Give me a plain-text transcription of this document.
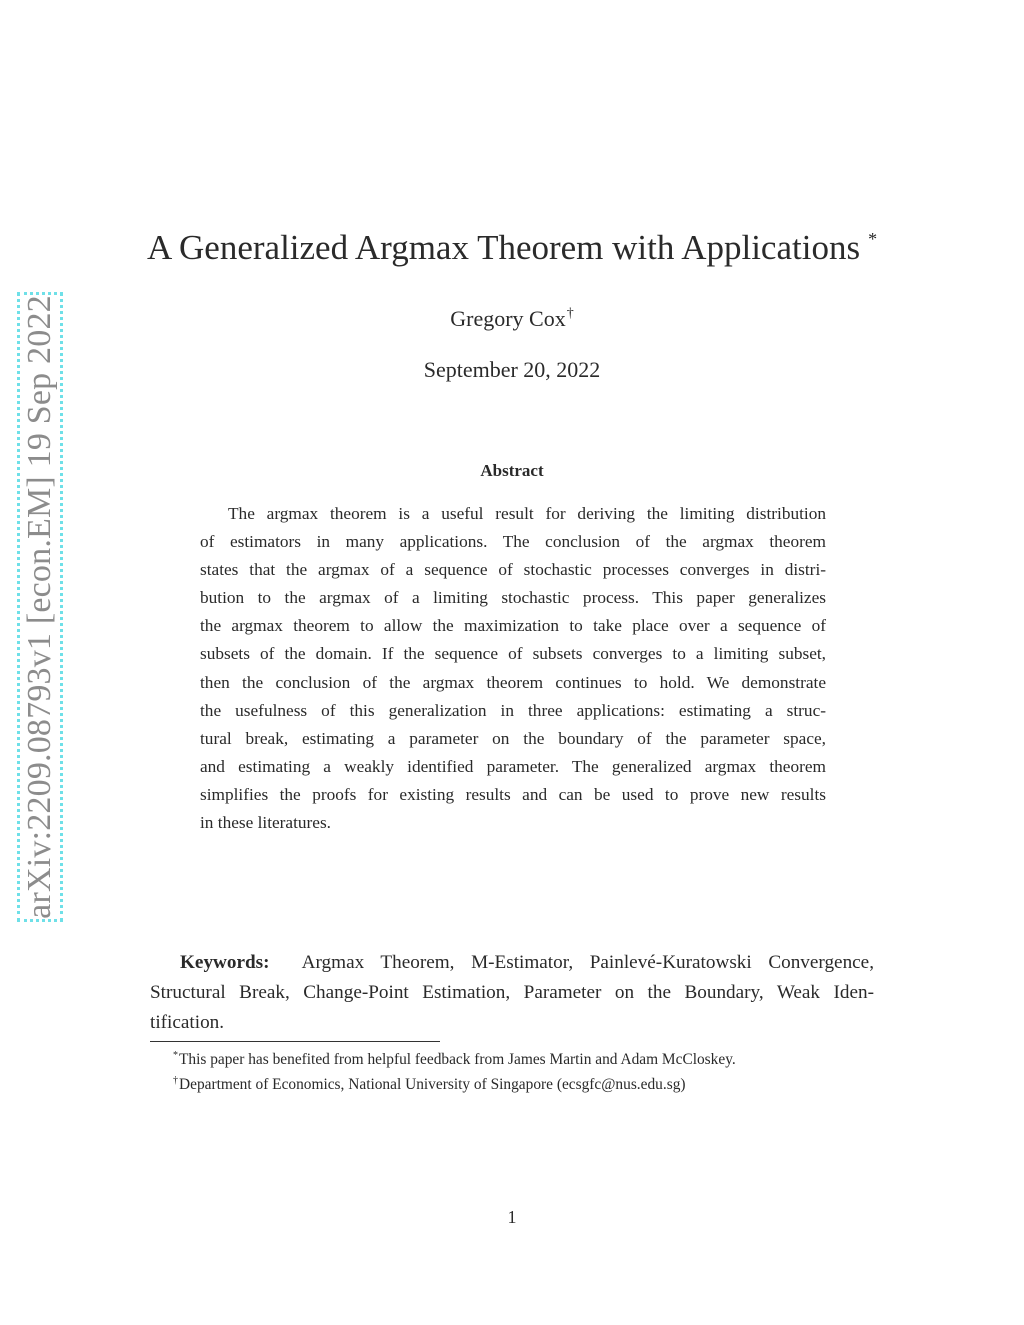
arXiv:2209.08793v1 [econ.EM] 19 Sep 2022
A Generalized Argmax Theorem with Applications *
Gregory Cox†
September 20, 2022
Abstract
The argmax theorem is a useful result for deriving the limiting distribution
of estimators in many applications. The conclusion of the argmax theorem
states that the argmax of a sequence of stochastic processes converges in distri-
bution to the argmax of a limiting stochastic process. This paper generalizes
the argmax theorem to allow the maximization to take place over a sequence of
subsets of the domain. If the sequence of subsets converges to a limiting subset,
then the conclusion of the argmax theorem continues to hold. We demonstrate
the usefulness of this generalization in three applications: estimating a struc-
tural break, estimating a parameter on the boundary of the parameter space,
and estimating a weakly identified parameter. The generalized argmax theorem
simplifies the proofs for existing results and can be used to prove new results
in these literatures.
Keywords: Argmax Theorem, M-Estimator, Painlevé-Kuratowski Convergence,
Structural Break, Change-Point Estimation, Parameter on the Boundary, Weak Iden-
tification.
*This paper has benefited from helpful feedback from James Martin and Adam McCloskey.
†Department of Economics, National University of Singapore (ecsgfc@nus.edu.sg)
1
